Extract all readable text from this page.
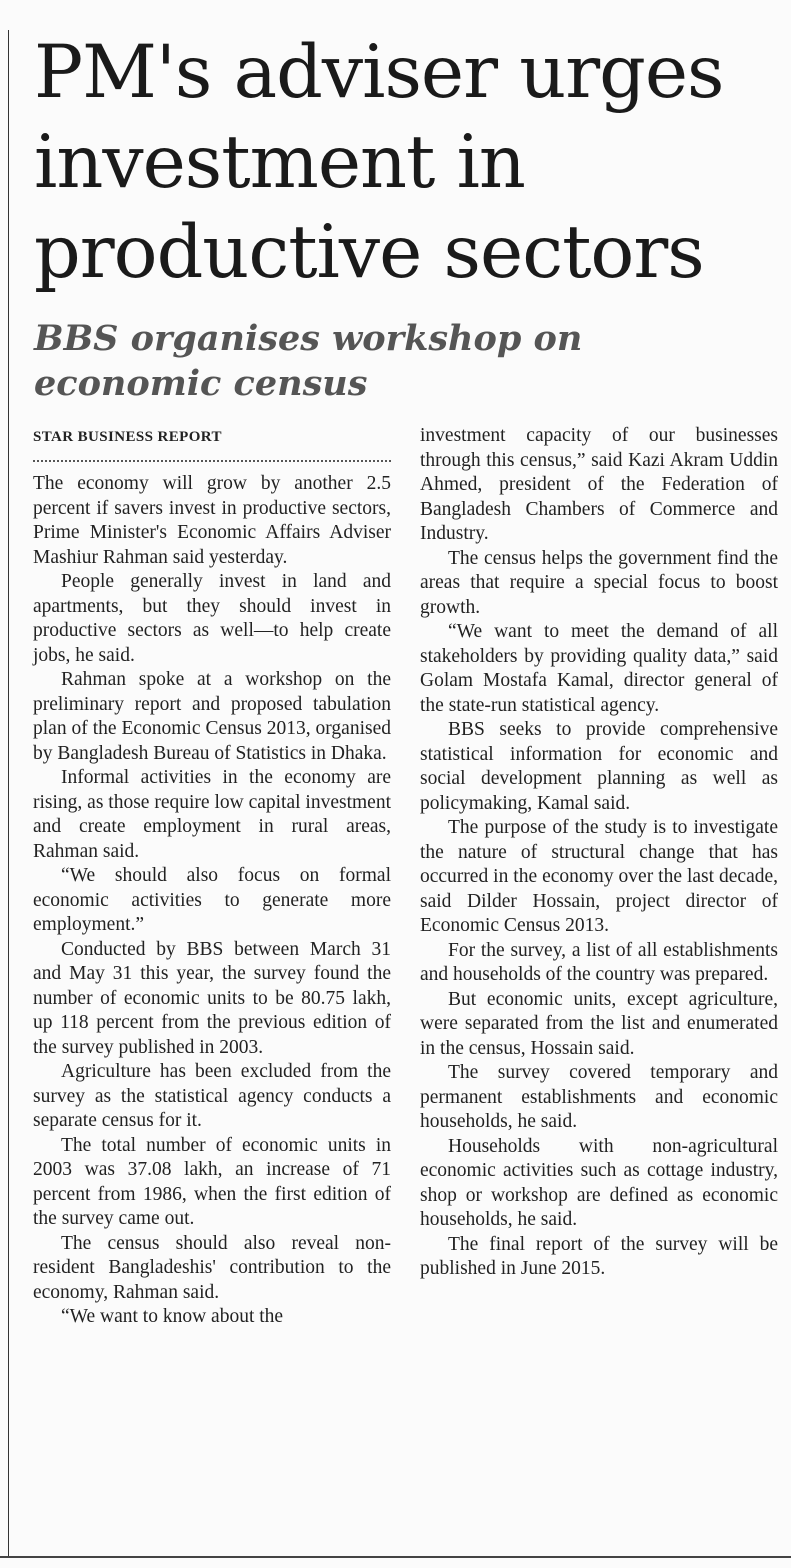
PM's adviser urges investment in productive sectors
BBS organises workshop on economic census
STAR BUSINESS REPORT

The economy will grow by another 2.5 percent if savers invest in productive sectors, Prime Minister's Economic Affairs Adviser Mashiur Rahman said yesterday.

People generally invest in land and apartments, but they should invest in productive sectors as well—to help create jobs, he said.

Rahman spoke at a workshop on the preliminary report and proposed tabulation plan of the Economic Census 2013, organised by Bangladesh Bureau of Statistics in Dhaka.

Informal activities in the economy are rising, as those require low capital investment and create employment in rural areas, Rahman said.

“We should also focus on formal economic activities to generate more employment.”

Conducted by BBS between March 31 and May 31 this year, the survey found the number of economic units to be 80.75 lakh, up 118 percent from the previous edition of the survey published in 2003.

Agriculture has been excluded from the survey as the statistical agency conducts a separate census for it.

The total number of economic units in 2003 was 37.08 lakh, an increase of 71 percent from 1986, when the first edition of the survey came out.

The census should also reveal non-resident Bangladeshis' contribution to the economy, Rahman said.

“We want to know about the

investment capacity of our businesses through this census,” said Kazi Akram Uddin Ahmed, president of the Federation of Bangladesh Chambers of Commerce and Industry.

The census helps the government find the areas that require a special focus to boost growth.

“We want to meet the demand of all stakeholders by providing quality data,” said Golam Mostafa Kamal, director general of the state-run statistical agency.

BBS seeks to provide comprehensive statistical information for economic and social development planning as well as policymaking, Kamal said.

The purpose of the study is to investigate the nature of structural change that has occurred in the economy over the last decade, said Dilder Hossain, project director of Economic Census 2013.

For the survey, a list of all establishments and households of the country was prepared.

But economic units, except agriculture, were separated from the list and enumerated in the census, Hossain said.

The survey covered temporary and permanent establishments and economic households, he said.

Households with non-agricultural economic activities such as cottage industry, shop or workshop are defined as economic households, he said.

The final report of the survey will be published in June 2015.
